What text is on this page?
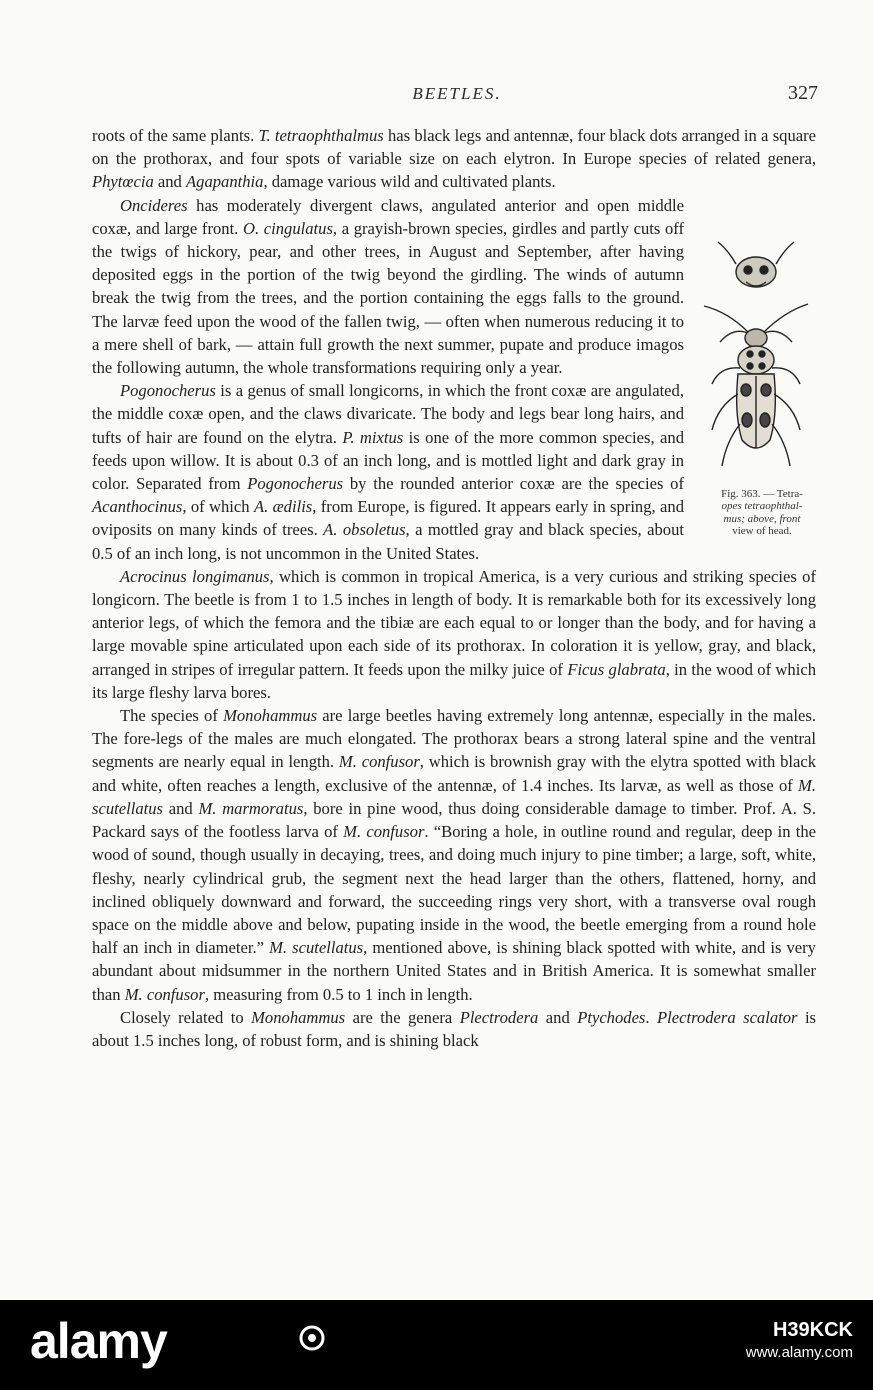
BEETLES.	327

roots of the same plants. T. tetraophthalmus has black legs and antennæ, four black dots arranged in a square on the prothorax, and four spots of variable size on each elytron. In Europe species of related genera, Phytœcia and Agapanthia, damage various wild and cultivated plants.

Fig. 363. — Tetra-
opes tetraophthal-
mus; above, front
view of head.
Oncideres has moderately divergent claws, angulated anterior and open middle coxæ, and large front. O. cingulatus, a grayish-brown species, girdles and partly cuts off the twigs of hickory, pear, and other trees, in August and September, after having deposited eggs in the portion of the twig beyond the girdling. The winds of autumn break the twig from the trees, and the portion containing the eggs falls to the ground. The larvæ feed upon the wood of the fallen twig, — often when numerous reducing it to a mere shell of bark, — attain full growth the next summer, pupate and produce imagos the following autumn, the whole transformations requiring only a year.

Pogonocherus is a genus of small longicorns, in which the front coxæ are angulated, the middle coxæ open, and the claws divaricate. The body and legs bear long hairs, and tufts of hair are found on the elytra. P. mixtus is one of the more common species, and feeds upon willow. It is about 0.3 of an inch long, and is mottled light and dark gray in color. Separated from Pogonocherus by the rounded anterior coxæ are the species of Acanthocinus, of which A. ædilis, from Europe, is figured. It appears early in spring, and oviposits on many kinds of trees. A. obsoletus, a mottled gray and black species, about 0.5 of an inch long, is not uncommon in the United States.

Acrocinus longimanus, which is common in tropical America, is a very curious and striking species of longicorn. The beetle is from 1 to 1.5 inches in length of body. It is remarkable both for its excessively long anterior legs, of which the femora and the tibiæ are each equal to or longer than the body, and for having a large movable spine articulated upon each side of its prothorax. In coloration it is yellow, gray, and black, arranged in stripes of irregular pattern. It feeds upon the milky juice of Ficus glabrata, in the wood of which its large fleshy larva bores.

The species of Monohammus are large beetles having extremely long antennæ, especially in the males. The fore-legs of the males are much elongated. The prothorax bears a strong lateral spine and the ventral segments are nearly equal in length. M. confusor, which is brownish gray with the elytra spotted with black and white, often reaches a length, exclusive of the antennæ, of 1.4 inches. Its larvæ, as well as those of M. scutellatus and M. marmoratus, bore in pine wood, thus doing considerable damage to timber. Prof. A. S. Packard says of the footless larva of M. confusor. “Boring a hole, in outline round and regular, deep in the wood of sound, though usually in decaying, trees, and doing much injury to pine timber; a large, soft, white, fleshy, nearly cylindrical grub, the segment next the head larger than the others, flattened, horny, and inclined obliquely downward and forward, the succeeding rings very short, with a transverse oval rough space on the middle above and below, pupating inside in the wood, the beetle emerging from a round hole half an inch in diameter.” M. scutellatus, mentioned above, is shining black spotted with white, and is very abundant about midsummer in the northern United States and in British America. It is somewhat smaller than M. confusor, measuring from 0.5 to 1 inch in length.

Closely related to Monohammus are the genera Plectrodera and Ptychodes. Plectrodera scalator is about 1.5 inches long, of robust form, and is shining black

alamy	H39KCK
www.alamy.com
